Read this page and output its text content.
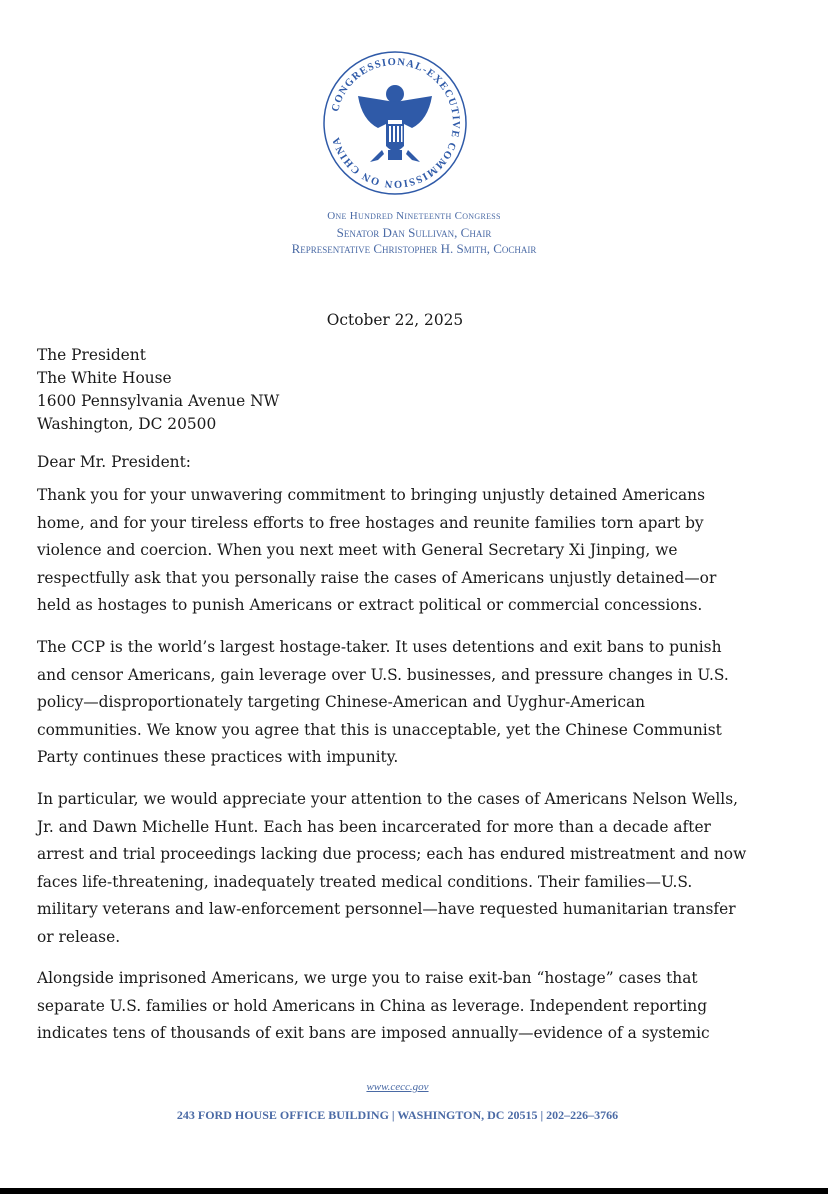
CONGRESSIONAL-EXECUTIVE COMMISSION ON CHINA
One Hundred Nineteenth Congress
Senator Dan Sullivan, Chair
Representative Christopher H. Smith, Cochair
October 22, 2025
The President
The White House
1600 Pennsylvania Avenue NW
Washington, DC 20500
Dear Mr. President:
Thank you for your unwavering commitment to bringing unjustly detained Americans
home, and for your tireless efforts to free hostages and reunite families torn apart by
violence and coercion. When you next meet with General Secretary Xi Jinping, we
respectfully ask that you personally raise the cases of Americans unjustly detained—or
held as hostages to punish Americans or extract political or commercial concessions.
The CCP is the world’s largest hostage-taker. It uses detentions and exit bans to punish
and censor Americans, gain leverage over U.S. businesses, and pressure changes in U.S.
policy—disproportionately targeting Chinese-American and Uyghur-American
communities. We know you agree that this is unacceptable, yet the Chinese Communist
Party continues these practices with impunity.
In particular, we would appreciate your attention to the cases of Americans Nelson Wells,
Jr. and Dawn Michelle Hunt. Each has been incarcerated for more than a decade after
arrest and trial proceedings lacking due process; each has endured mistreatment and now
faces life-threatening, inadequately treated medical conditions. Their families—U.S.
military veterans and law-enforcement personnel—have requested humanitarian transfer
or release.
Alongside imprisoned Americans, we urge you to raise exit-ban “hostage” cases that
separate U.S. families or hold Americans in China as leverage. Independent reporting
indicates tens of thousands of exit bans are imposed annually—evidence of a systemic
www.cecc.gov
243 FORD HOUSE OFFICE BUILDING | WASHINGTON, DC 20515 | 202–226–3766
